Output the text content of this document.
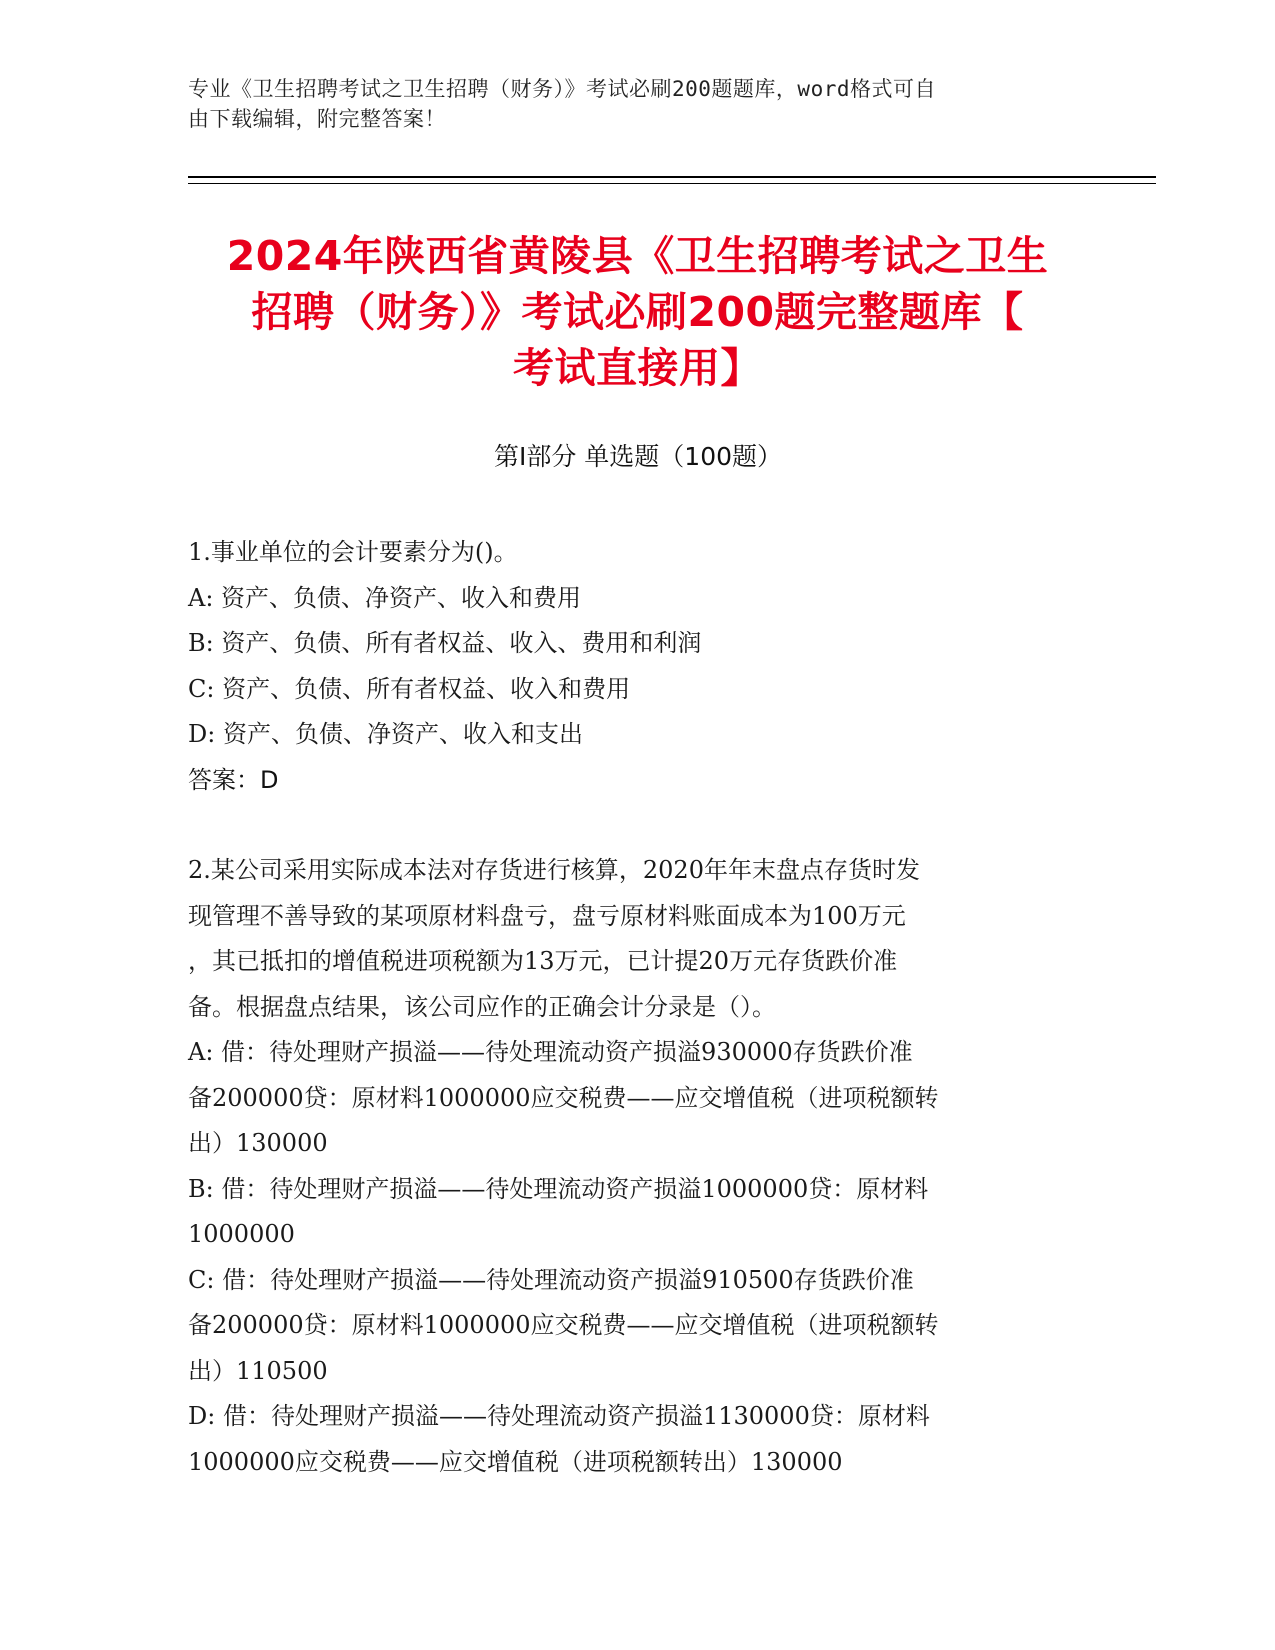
专业《卫生招聘考试之卫生招聘（财务）》考试必刷200题题库，word格式可自
由下载编辑，附完整答案！
2024年陕西省黄陵县《卫生招聘考试之卫生
招聘（财务）》考试必刷200题完整题库【
考试直接用】
第Ⅰ部分 单选题（100题）
1.事业单位的会计要素分为()。
A: 资产、负债、净资产、收入和费用
B: 资产、负债、所有者权益、收入、费用和利润
C: 资产、负债、所有者权益、收入和费用
D: 资产、负债、净资产、收入和支出
答案：D
2.某公司采用实际成本法对存货进行核算，2020年年末盘点存货时发
现管理不善导致的某项原材料盘亏，盘亏原材料账面成本为100万元
，其已抵扣的增值税进项税额为13万元，已计提20万元存货跌价准
备。根据盘点结果，该公司应作的正确会计分录是（）。
A: 借：待处理财产损溢——待处理流动资产损溢930000存货跌价准
备200000贷：原材料1000000应交税费——应交增值税（进项税额转
出）130000
B: 借：待处理财产损溢——待处理流动资产损溢1000000贷：原材料
1000000
C: 借：待处理财产损溢——待处理流动资产损溢910500存货跌价准
备200000贷：原材料1000000应交税费——应交增值税（进项税额转
出）110500
D: 借：待处理财产损溢——待处理流动资产损溢1130000贷：原材料
1000000应交税费——应交增值税（进项税额转出）130000
